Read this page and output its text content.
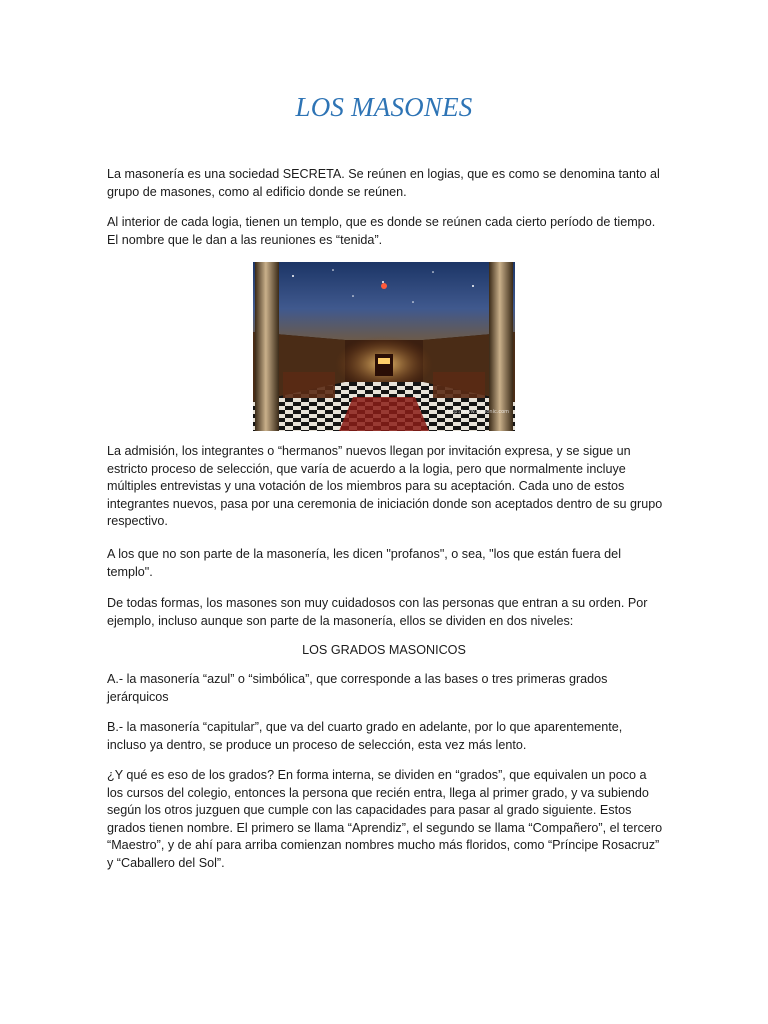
LOS MASONES

La masonería es una sociedad SECRETA. Se reúnen en logias, que es como se denomina tanto al grupo de masones, como al edificio donde se reúnen.

Al interior de cada logia, tienen un templo, que es donde se reúnen cada cierto período de tiempo. El nombre que le dan a las reuniones es “tenida”.

http://www.masonic.com

La admisión, los integrantes o “hermanos” nuevos llegan por invitación expresa, y se sigue un estricto proceso de selección, que varía de acuerdo a la logia, pero que normalmente incluye múltiples entrevistas y una votación de los miembros para su aceptación. Cada uno de estos integrantes nuevos, pasa por una ceremonia de iniciación donde son aceptados dentro de su grupo respectivo.

A los que no son parte de la masonería, les dicen "profanos", o sea, "los que están fuera del templo".

De todas formas, los masones son muy cuidadosos con las personas que entran a su orden. Por ejemplo, incluso aunque son parte de la masonería, ellos se dividen en dos niveles:

LOS GRADOS MASONICOS

A.- la masonería “azul” o “simbólica”, que corresponde a las bases o tres primeras grados jerárquicos

B.- la masonería “capitular”, que va del cuarto grado en adelante, por lo que aparentemente, incluso ya dentro, se produce un proceso de selección, esta vez más lento.

¿Y qué es eso de los grados? En forma interna, se dividen en “grados”, que equivalen un poco a los cursos del colegio, entonces la persona que recién entra, llega al primer grado, y va subiendo según los otros juzguen que cumple con las capacidades para pasar al grado siguiente. Estos grados tienen nombre. El primero se llama “Aprendiz”, el segundo se llama “Compañero”, el tercero “Maestro”, y de ahí para arriba comienzan nombres mucho más floridos, como “Príncipe Rosacruz” y “Caballero del Sol”.
